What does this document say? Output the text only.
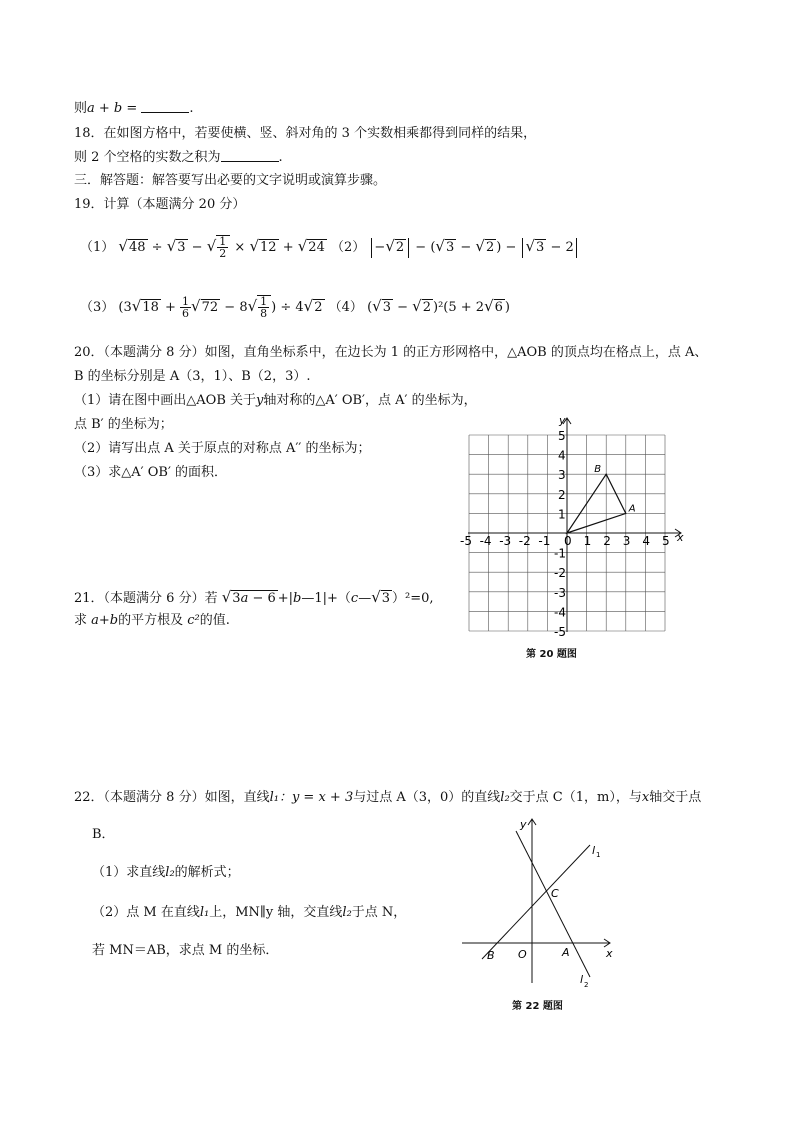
则a + b =	.
18．在如图方格中，若要使横、竖、斜对角的 3 个实数相乘都得到同样的结果，
则 2 个空格的实数之积为	.
三．解答题：解答要写出必要的文字说明或演算步骤。
19．计算（本题满分 20 分）
（1） √48 ÷ √3 − √ $\frac{1}{2} \times √12 + √24$ （2） −√2 − (√3 − √2 ) − √3 − 2
（3） ($3√18 + \frac{1}{6} √72 - 8√ \frac{1}{8}$ ) ÷ 4√2 （4） (√3 − √2 )²(5 + 2√6 )
20．（本题满分 8 分）如图，直角坐标系中，在边长为 1 的正方形网格中，△AOB 的顶点均在格点上，点 A、
B 的坐标分别是 A（3，1）、B（2，3）.
（1）请在图中画出△AOB 关于y轴对称的△A′ OB′，点 A′ 的坐标为，
点 B′ 的坐标为；
（2）请写出点 A 关于原点的对称点 A′′ 的坐标为；
（3）求△A′ OB′ 的面积．
x
y
-5 -4 -3 -2 -1 0 1 2 3 4 5
5
4
3
2
1
-1
-2
-3
-4
-5
A
B
第 20 题图
21．（本题满分 6 分）若 √3a − 6 +|b—1|+（c—√3 ）²=0,
求 a+b的平方根及 c²的值.
22．（本题满分 8 分）如图，直线l₁：y = x + 3与过点 A（3，0）的直线l₂交于点 C（1，m），与x轴交于点
B．
（1）求直线l₂的解析式；
（2）点 M 在直线l₁上，MN∥y 轴，交直线l₂于点 N，
若 MN＝AB，求点 M 的坐标．	x
y
B O	A
C
l 1
l 2
第 22 题图
